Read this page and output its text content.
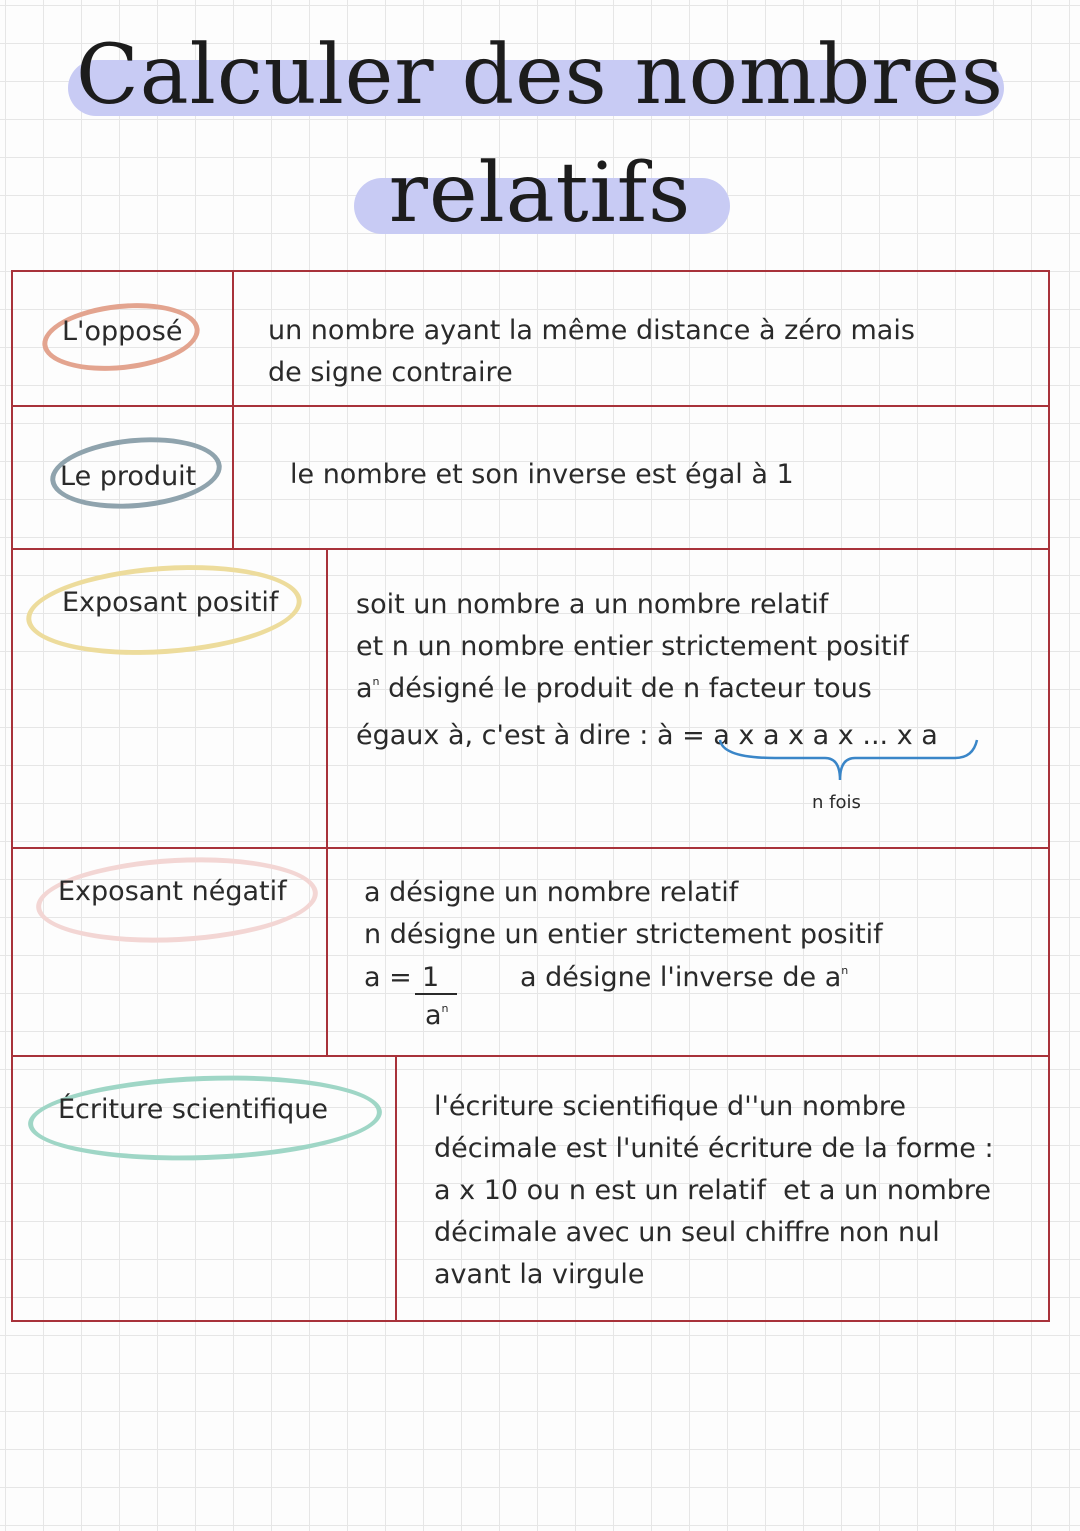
Calculer des nombres
relatifs
L'opposé	un nombre ayant la même distance à zéro mais
de signe contraire
Le produit	le nombre et son inverse est égal à 1
Exposant positif	soit un nombre a un nombre relatif
et n un nombre entier strictement positif
$a^n$ désigné le produit de n facteur tous
égaux à, c'est à dire : à = a x a x a x ... x a
n fois
Exposant négatif	a désigne un nombre relatif
n désigne un entier strictement positif
a = 1
$a^n$
a désigne l'inverse de $a^n$
Écriture scientifique	l'écriture scientifique d''un nombre
décimale est l'unité écriture de la forme :
a x 10 ou n est un relatif  et a un nombre
décimale avec un seul chiffre non nul
avant la virgule
